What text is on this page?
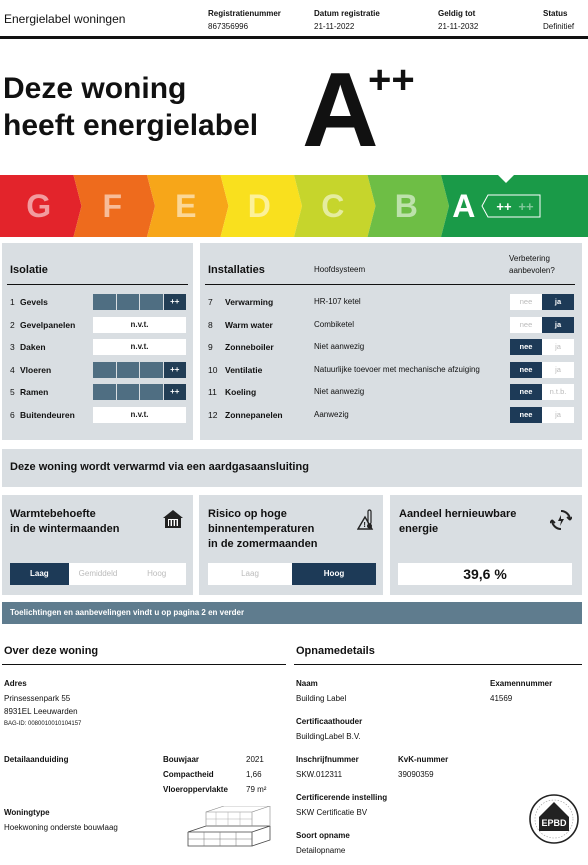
Energielabel woningen	Registratienummer
867356996
Datum registratie
21-11-2022
Geldig tot
21-11-2032
Status
Definitief
Deze woning
heeft energielabel A
++
G F E D C B A ++ ++
Isolatie
1 Gevels	++
2 Gevelpanelen	n.v.t.
3 Daken	n.v.t.
4 Vloeren	++
5 Ramen	++
6 Buitendeuren	n.v.t.
Installaties	Hoofdsysteem
Verbetering aanbevolen?
7 Verwarming	HR-107 ketel	nee	ja
8 Warm water	Combiketel	nee	ja
9 Zonneboiler	Niet aanwezig	nee	ja
10 Ventilatie	Natuurlijke toevoer met mechanische afzuiging	nee	ja
11 Koeling	Niet aanwezig	nee	n.t.b.
12 Zonnepanelen	Aanwezig	nee	ja
Deze woning wordt verwarmd via een aardgasaansluiting
Warmtebehoefte
in de wintermaanden
Laag	Gemiddeld	Hoog
Risico op hoge
binnentemperaturen
in de zomermaanden
!
Laag	Hoog
Aandeel hernieuwbare
energie
39,6 %
Toelichtingen en aanbevelingen vindt u op pagina 2 en verder
Over deze woning
Adres
Prinsessenpark 55
8931EL Leeuwarden
BAG-ID: 0080010010104157
Detailaanduiding	Bouwjaar	2021
Compactheid	1,66
Vloeroppervlakte 79 m²
Woningtype
Hoekwoning onderste bouwlaag
Opnamedetails
Naam
Building Label
Examennummer
41569
Certificaathouder
BuildingLabel B.V.
Inschrijfnummer
SKW.012311
KvK-nummer
39090359
Certificerende instelling
SKW Certificatie BV
Soort opname
Detailopname
EPBD
